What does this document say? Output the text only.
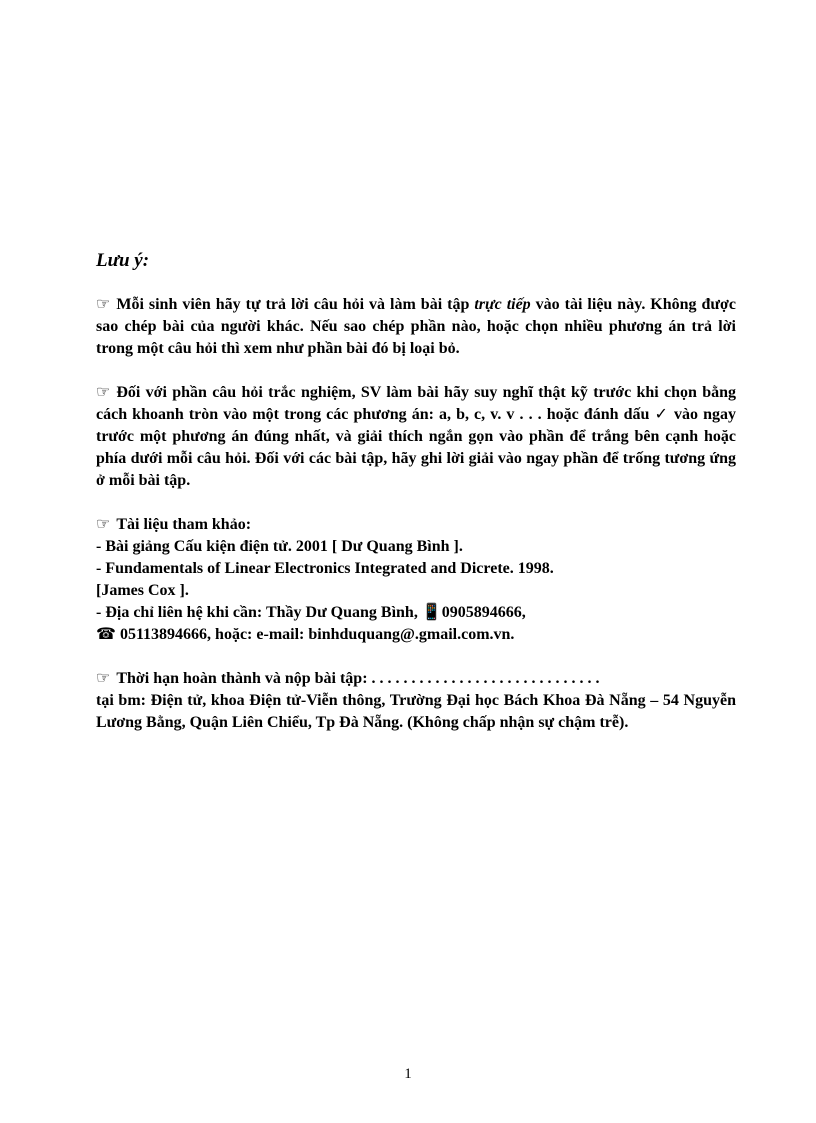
Lưu ý:

☞ Mỗi sinh viên hãy tự trả lời câu hỏi và làm bài tập trực tiếp vào tài liệu này. Không được sao chép bài của người khác. Nếu sao chép phần nào, hoặc chọn nhiều phương án trả lời trong một câu hỏi thì xem như phần bài đó bị loại bỏ.

☞ Đối với phần câu hỏi trắc nghiệm, SV làm bài hãy suy nghĩ thật kỹ trước khi chọn bằng cách khoanh tròn vào một trong các phương án: a, b, c, v. v . . . hoặc đánh dấu ✓ vào ngay trước một phương án đúng nhất, và giải thích ngắn gọn vào phần để trắng bên cạnh hoặc phía dưới mỗi câu hỏi. Đối với các bài tập, hãy ghi lời giải vào ngay phần để trống tương ứng ở mỗi bài tập.

☞ Tài liệu tham khảo:
- Bài giảng Cấu kiện điện tử. 2001 [ Dư Quang Bình ].
- Fundamentals of Linear Electronics Integrated and Dicrete. 1998.
[James Cox ].
- Địa chỉ liên hệ khi cần: Thầy Dư Quang Bình, 📱0905894666,
☎ 05113894666, hoặc: e-mail: binhduquang@.gmail.com.vn.
☞ Thời hạn hoàn thành và nộp bài tập: . . . . . . . . . . . . . . . . . . . . . . . . . . . . .
tại bm: Điện tử, khoa Điện tử-Viễn thông, Trường Đại học Bách Khoa Đà Nẵng – 54 Nguyễn Lương Bằng, Quận Liên Chiểu, Tp Đà Nẵng. (Không chấp nhận sự chậm trễ).
1
